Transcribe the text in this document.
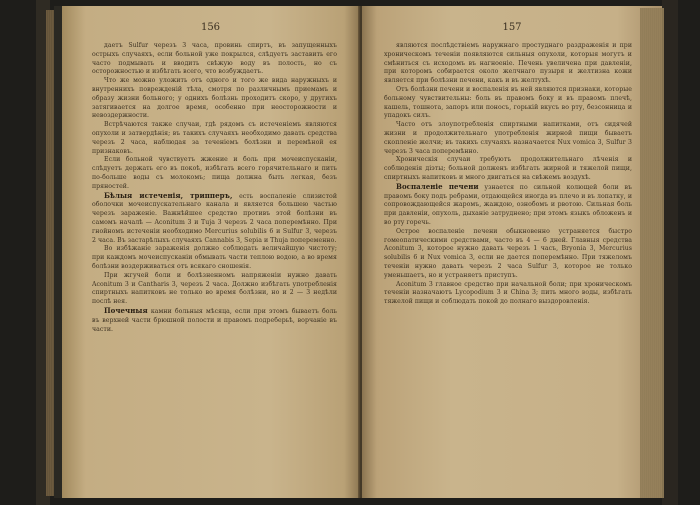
156

даетъ Sulfur черезъ 3 часа, провинь спиртъ, въ запущенныхъ острыхъ случаяхъ, если больной уже покрылся, слѣдуетъ заставить его часто подмывать и вводить свѣжую воду въ полость, но съ осторожностью и избѣгать всего, что возбуждаетъ.

Что же можно уложить отъ одного и того же вида наружныхъ и внутреннихъ поврежденій тѣла, смотря по различнымъ приемамъ и образу жизни больного; у однихъ болѣзнь проходитъ скоро, у другихъ затягивается на долгое время, особенно при неосторожности и невоздержности.

Встрѣчаются также случаи, гдѣ рядомъ съ истеченіемъ являются опухоли и затвердѣнія; въ такихъ случаяхъ необходимо давать средства черезъ 2 часа, наблюдая за теченіемъ болѣзни и перемѣной ея признаковъ.

Если больной чувствуетъ жжение и боль при мочеиспусканіи, слѣдуетъ держать его въ покоѣ, избѣгать всего горячительнаго и пить по-больше воды съ молокомъ; пища должна быть легкая, безъ пряностей.

Бѣлыя истеченія, трипперъ, есть воспаленіе слизистой оболочки мочеиспускательнаго канала и является большею частью черезъ зараженіе. Важнѣйшее средство противъ этой болѣзни въ самомъ началѣ — Aconitum 3 и Tuja 3 черезъ 2 часа поперемѣнно. При гнойномъ истеченіи необходимо Mercurius solubilis 6 и Sulfur 3, черезъ 2 часа. Въ застарѣлыхъ случаяхъ Cannabis 3, Sepia и Thuja попеременно.

Во избѣжаніе зараженія должно соблюдать величайшую чистоту; при каждомъ мочеиспусканіи обмывать части теплою водою, а во время болѣзни воздерживаться отъ всякаго сношенія.

При жгучей боли и болѣзненномъ напряженіи нужно давать Aconitum 3 и Cantharis 3, черезъ 2 часа. Должно избѣгать употребленія спиртныхъ напитковъ не только во время болѣзни, но и 2 — 3 недѣли послѣ нея.

Почечныя камни больныя мѣсяца, если при этомъ бываетъ боль въ верхней части брюшной полости и правомъ подреберьѣ, ворчаніе въ части.

157

являются послѣдствіемъ наружнаго простуднаго раздраженія и при хроническомъ теченіи появляются сильныя опухоли, которыя могутъ и смѣниться съ исходомъ въ нагноеніе. Печень увеличена при давленіи, при которомъ собирается около желчнаго пузыря и желтизна кожи является при болѣзни печени, какъ и въ желтухѣ.

Отъ болѣзни печени и воспаленія въ ней являются признаки, которые больному чувствительны: боль въ правомъ боку и въ правомъ плечѣ, кашель, тошнота, запоръ или поносъ, горькій вкусъ во рту, безсонница и упадокъ силъ.

Часто отъ злоупотребленія спиртными напитками, отъ сидячей жизни и продолжительнаго употребленія жирной пищи бываетъ скопленіе желчи; въ такихъ случаяхъ назначается Nux vomica 3, Sulfur 3 черезъ 3 часа поперемѣнно.

Хроническія случаи требуютъ продолжительнаго лѣченія и соблюденія діэты; больной долженъ избѣгать жирной и тяжелой пищи, спиртныхъ напитковъ и много двигаться на свѣжемъ воздухѣ.

Воспаленіе печени узнается по сильной колющей боли въ правомъ боку подъ ребрами, отдающейся иногда въ плечо и въ лопатку, и сопровождающейся жаромъ, жаждою, ознобомъ и рвотою. Сильная боль при давленіи, опухоль, дыханіе затруднено; при этомъ языкъ обложенъ и во рту горечь.

Острое воспаленіе печени обыкновенно устраняется быстро гомеопатическими средствами, часто въ 4 — 6 дней. Главныя средства Aconitum 3, которое нужно давать черезъ 1 часъ, Bryonia 3, Mercurius solubilis 6 и Nux vomica 3, если не дается поперемѣнно. При тяжеломъ теченіи нужно давать черезъ 2 часа Sulfur 3, которое не только уменьшаетъ, но и устраняетъ приступъ.

Aconitum 3 главное средство при начальной боли; при хроническомъ теченіи назначаютъ Lycopodium 3 и China 3; пить много воды, избѣгать тяжелой пищи и соблюдать покой до полнаго выздоровленія.
